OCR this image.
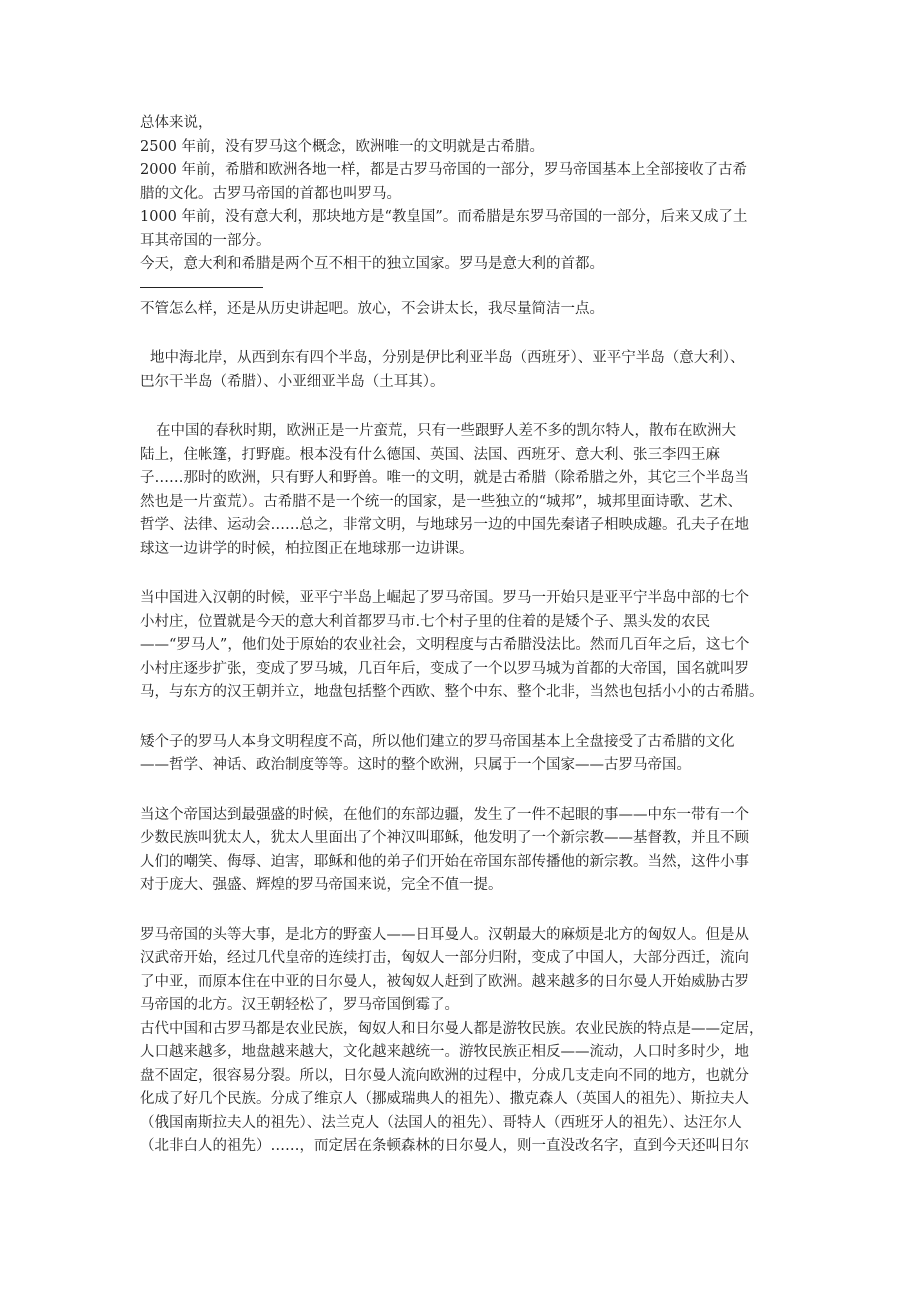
总体来说，
2500 年前，没有罗马这个概念，欧洲唯一的文明就是古希腊。
2000 年前，希腊和欧洲各地一样，都是古罗马帝国的一部分，罗马帝国基本上全部接收了古希
腊的文化。古罗马帝国的首都也叫罗马。
1000 年前，没有意大利，那块地方是“教皇国”。而希腊是东罗马帝国的一部分，后来又成了土
耳其帝国的一部分。
今天，意大利和希腊是两个互不相干的独立国家。罗马是意大利的首都。
不管怎么样，还是从历史讲起吧。放心，不会讲太长，我尽量简洁一点。
地中海北岸，从西到东有四个半岛，分别是伊比利亚半岛（西班牙）、亚平宁半岛（意大利）、
巴尔干半岛（希腊）、小亚细亚半岛（土耳其）。
在中国的春秋时期，欧洲正是一片蛮荒，只有一些跟野人差不多的凯尔特人，散布在欧洲大
陆上，住帐篷，打野鹿。根本没有什么德国、英国、法国、西班牙、意大利、张三李四王麻
子……那时的欧洲，只有野人和野兽。唯一的文明，就是古希腊（除希腊之外，其它三个半岛当
然也是一片蛮荒）。古希腊不是一个统一的国家，是一些独立的“城邦”，城邦里面诗歌、艺术、
哲学、法律、运动会……总之，非常文明，与地球另一边的中国先秦诸子相映成趣。孔夫子在地
球这一边讲学的时候，柏拉图正在地球那一边讲课。
当中国进入汉朝的时候，亚平宁半岛上崛起了罗马帝国。罗马一开始只是亚平宁半岛中部的七个
小村庄，位置就是今天的意大利首都罗马市.七个村子里的住着的是矮个子、黑头发的农民
——“罗马人”，他们处于原始的农业社会，文明程度与古希腊没法比。然而几百年之后，这七个
小村庄逐步扩张，变成了罗马城，几百年后，变成了一个以罗马城为首都的大帝国，国名就叫罗
马，与东方的汉王朝并立，地盘包括整个西欧、整个中东、整个北非，当然也包括小小的古希腊。
矮个子的罗马人本身文明程度不高，所以他们建立的罗马帝国基本上全盘接受了古希腊的文化
——哲学、神话、政治制度等等。这时的整个欧洲，只属于一个国家——古罗马帝国。
当这个帝国达到最强盛的时候，在他们的东部边疆，发生了一件不起眼的事——中东一带有一个
少数民族叫犹太人，犹太人里面出了个神汉叫耶稣，他发明了一个新宗教——基督教，并且不顾
人们的嘲笑、侮辱、迫害，耶稣和他的弟子们开始在帝国东部传播他的新宗教。当然，这件小事
对于庞大、强盛、辉煌的罗马帝国来说，完全不值一提。
罗马帝国的头等大事，是北方的野蛮人——日耳曼人。汉朝最大的麻烦是北方的匈奴人。但是从
汉武帝开始，经过几代皇帝的连续打击，匈奴人一部分归附，变成了中国人，大部分西迁，流向
了中亚，而原本住在中亚的日尔曼人，被匈奴人赶到了欧洲。越来越多的日尔曼人开始威胁古罗
马帝国的北方。汉王朝轻松了，罗马帝国倒霉了。
古代中国和古罗马都是农业民族，匈奴人和日尔曼人都是游牧民族。农业民族的特点是——定居，
人口越来越多，地盘越来越大，文化越来越统一。游牧民族正相反——流动，人口时多时少，地
盘不固定，很容易分裂。所以，日尔曼人流向欧洲的过程中，分成几支走向不同的地方，也就分
化成了好几个民族。分成了维京人（挪威瑞典人的祖先）、撒克森人（英国人的祖先）、斯拉夫人
（俄国南斯拉夫人的祖先）、法兰克人（法国人的祖先）、哥特人（西班牙人的祖先）、达汪尔人
（北非白人的祖先）……，而定居在条顿森林的日尔曼人，则一直没改名字，直到今天还叫日尔
